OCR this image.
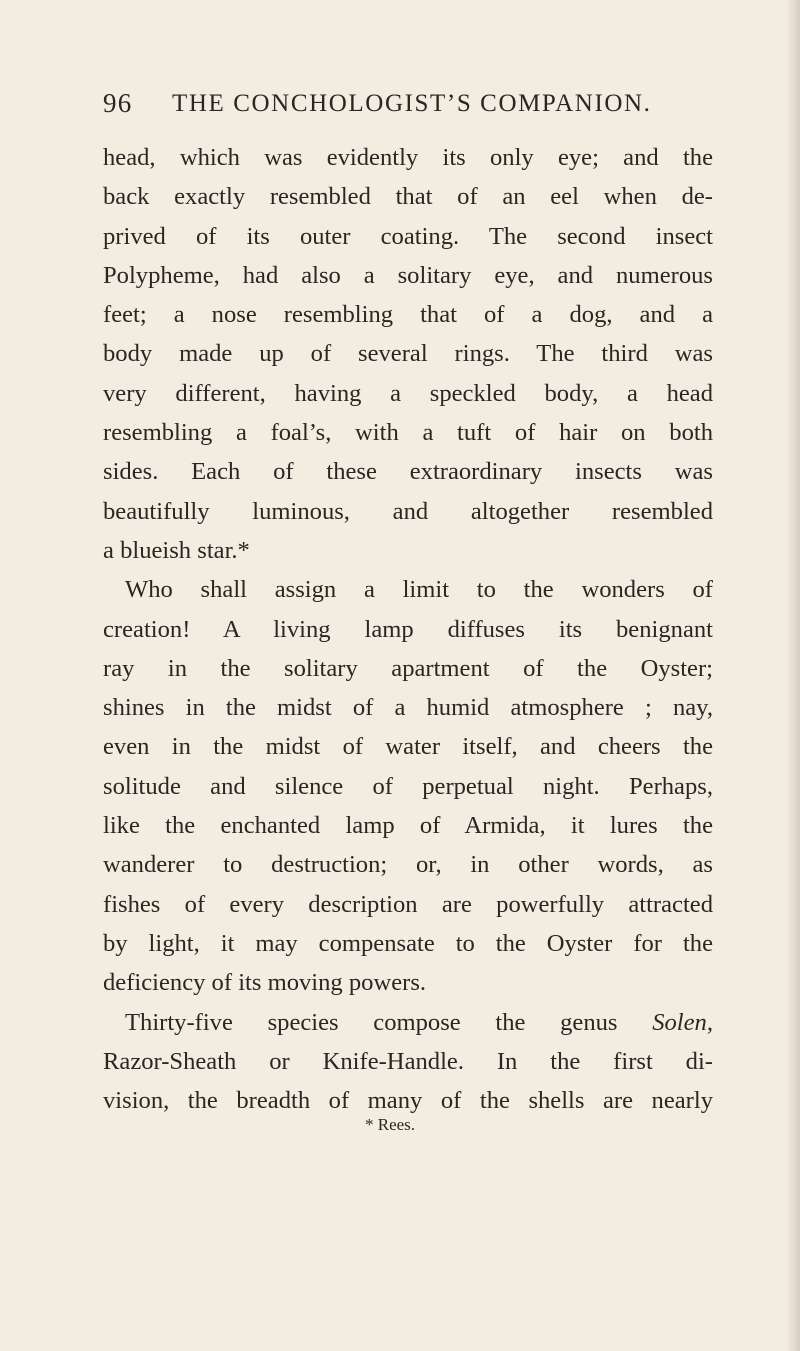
96 THE CONCHOLOGIST’S COMPANION.
head, which was evidently its only eye; and the
back exactly resembled that of an eel when de-
prived of its outer coating. The second insect
Polypheme, had also a solitary eye, and numerous
feet; a nose resembling that of a dog, and a
body made up of several rings. The third was
very different, having a speckled body, a head
resembling a foal’s, with a tuft of hair on both
sides. Each of these extraordinary insects was
beautifully luminous, and altogether resembled
a blueish star.*
Who shall assign a limit to the wonders of
creation! A living lamp diffuses its benignant
ray in the solitary apartment of the Oyster;
shines in the midst of a humid atmosphere ; nay,
even in the midst of water itself, and cheers the
solitude and silence of perpetual night. Perhaps,
like the enchanted lamp of Armida, it lures the
wanderer to destruction; or, in other words, as
fishes of every description are powerfully attracted
by light, it may compensate to the Oyster for the
deficiency of its moving powers.
Thirty-five species compose the genus Solen,
Razor-Sheath or Knife-Handle. In the first di-
vision, the breadth of many of the shells are nearly
* Rees.
